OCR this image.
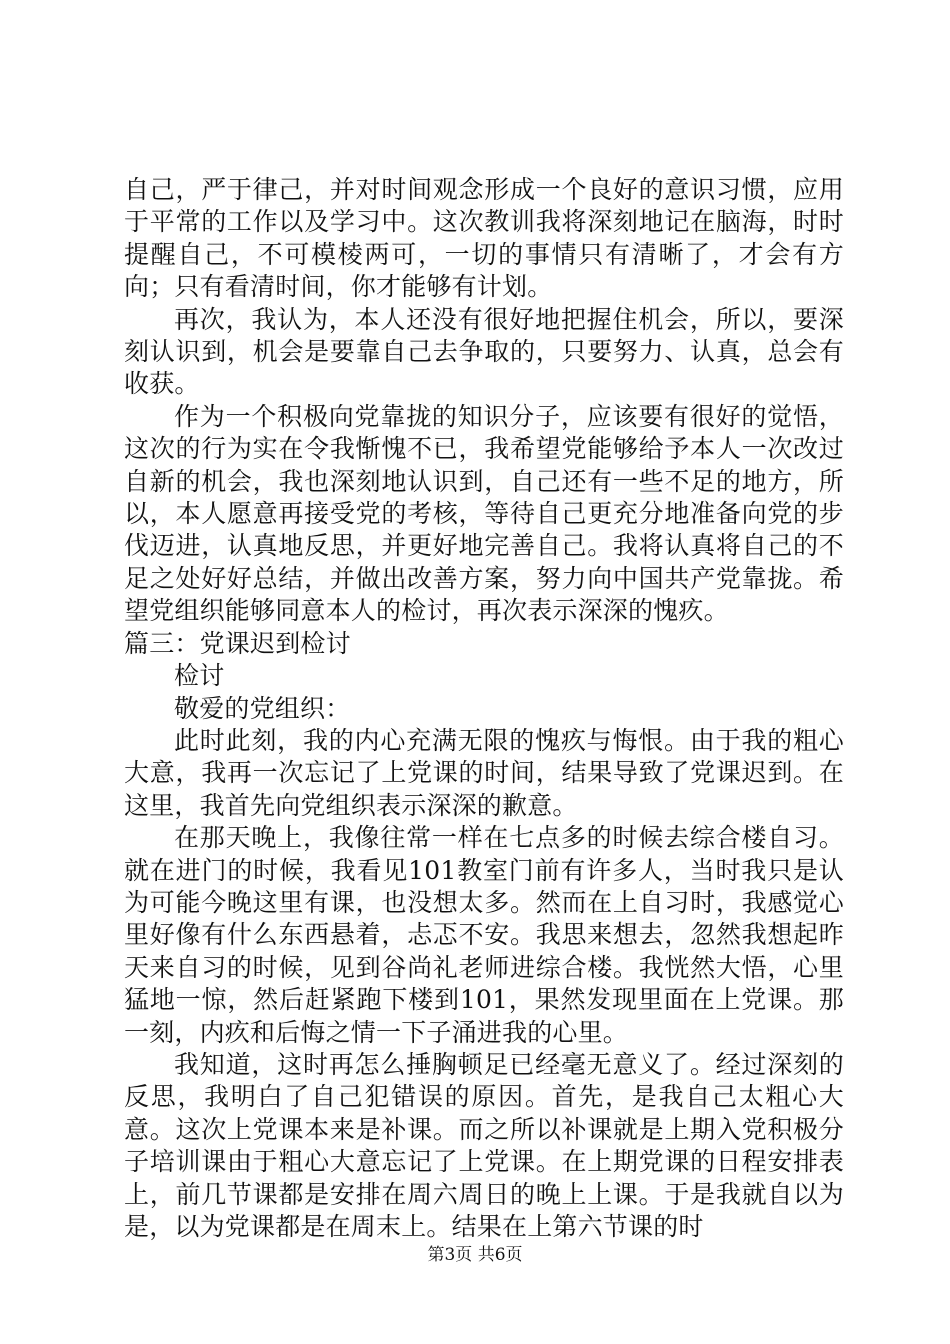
自己，严于律己，并对时间观念形成一个良好的意识习惯，应用于平常的工作以及学习中。这次教训我将深刻地记在脑海，时时提醒自己，不可模棱两可，一切的事情只有清晰了，才会有方向；只有看清时间，你才能够有计划。

再次，我认为，本人还没有很好地把握住机会，所以，要深刻认识到，机会是要靠自己去争取的，只要努力、认真，总会有收获。

作为一个积极向党靠拢的知识分子，应该要有很好的觉悟，这次的行为实在令我惭愧不已，我希望党能够给予本人一次改过自新的机会，我也深刻地认识到，自己还有一些不足的地方，所以，本人愿意再接受党的考核，等待自己更充分地准备向党的步伐迈进，认真地反思，并更好地完善自己。我将认真将自己的不足之处好好总结，并做出改善方案，努力向中国共产党靠拢。希望党组织能够同意本人的检讨，再次表示深深的愧疚。

篇三：党课迟到检讨

检讨

敬爱的党组织：

此时此刻，我的内心充满无限的愧疚与悔恨。由于我的粗心大意，我再一次忘记了上党课的时间，结果导致了党课迟到。在这里，我首先向党组织表示深深的歉意。

在那天晚上，我像往常一样在七点多的时候去综合楼自习。就在进门的时候，我看见101教室门前有许多人，当时我只是认为可能今晚这里有课，也没想太多。然而在上自习时，我感觉心里好像有什么东西悬着，忐忑不安。我思来想去，忽然我想起昨天来自习的时候，见到谷尚礼老师进综合楼。我恍然大悟，心里猛地一惊，然后赶紧跑下楼到101，果然发现里面在上党课。那一刻，内疚和后悔之情一下子涌进我的心里。

我知道，这时再怎么捶胸顿足已经毫无意义了。经过深刻的反思，我明白了自己犯错误的原因。首先，是我自己太粗心大意。这次上党课本来是补课。而之所以补课就是上期入党积极分子培训课由于粗心大意忘记了上党课。在上期党课的日程安排表上，前几节课都是安排在周六周日的晚上上课。于是我就自以为是，以为党课都是在周末上。结果在上第六节课的时

第3页 共6页
